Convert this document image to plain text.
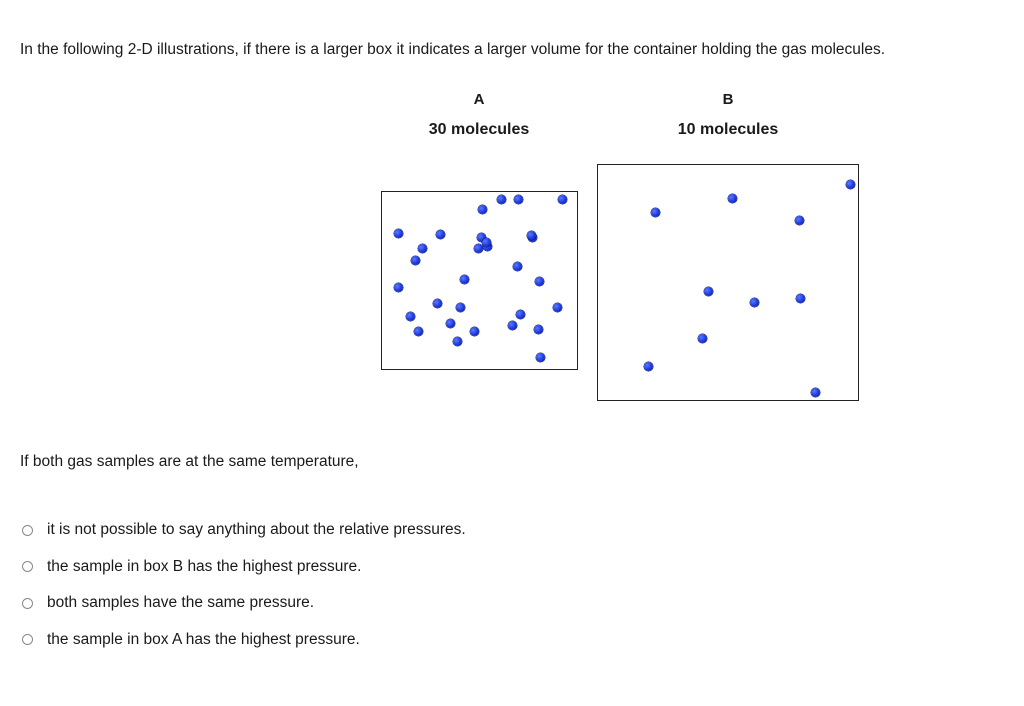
In the following 2-D illustrations, if there is a larger box it indicates a larger volume for the container holding the gas molecules.
A
30 molecules
B
10 molecules
If both gas samples are at the same temperature,
it is not possible to say anything about the relative pressures.
the sample in box B has the highest pressure.
both samples have the same pressure.
the sample in box A has the highest pressure.
